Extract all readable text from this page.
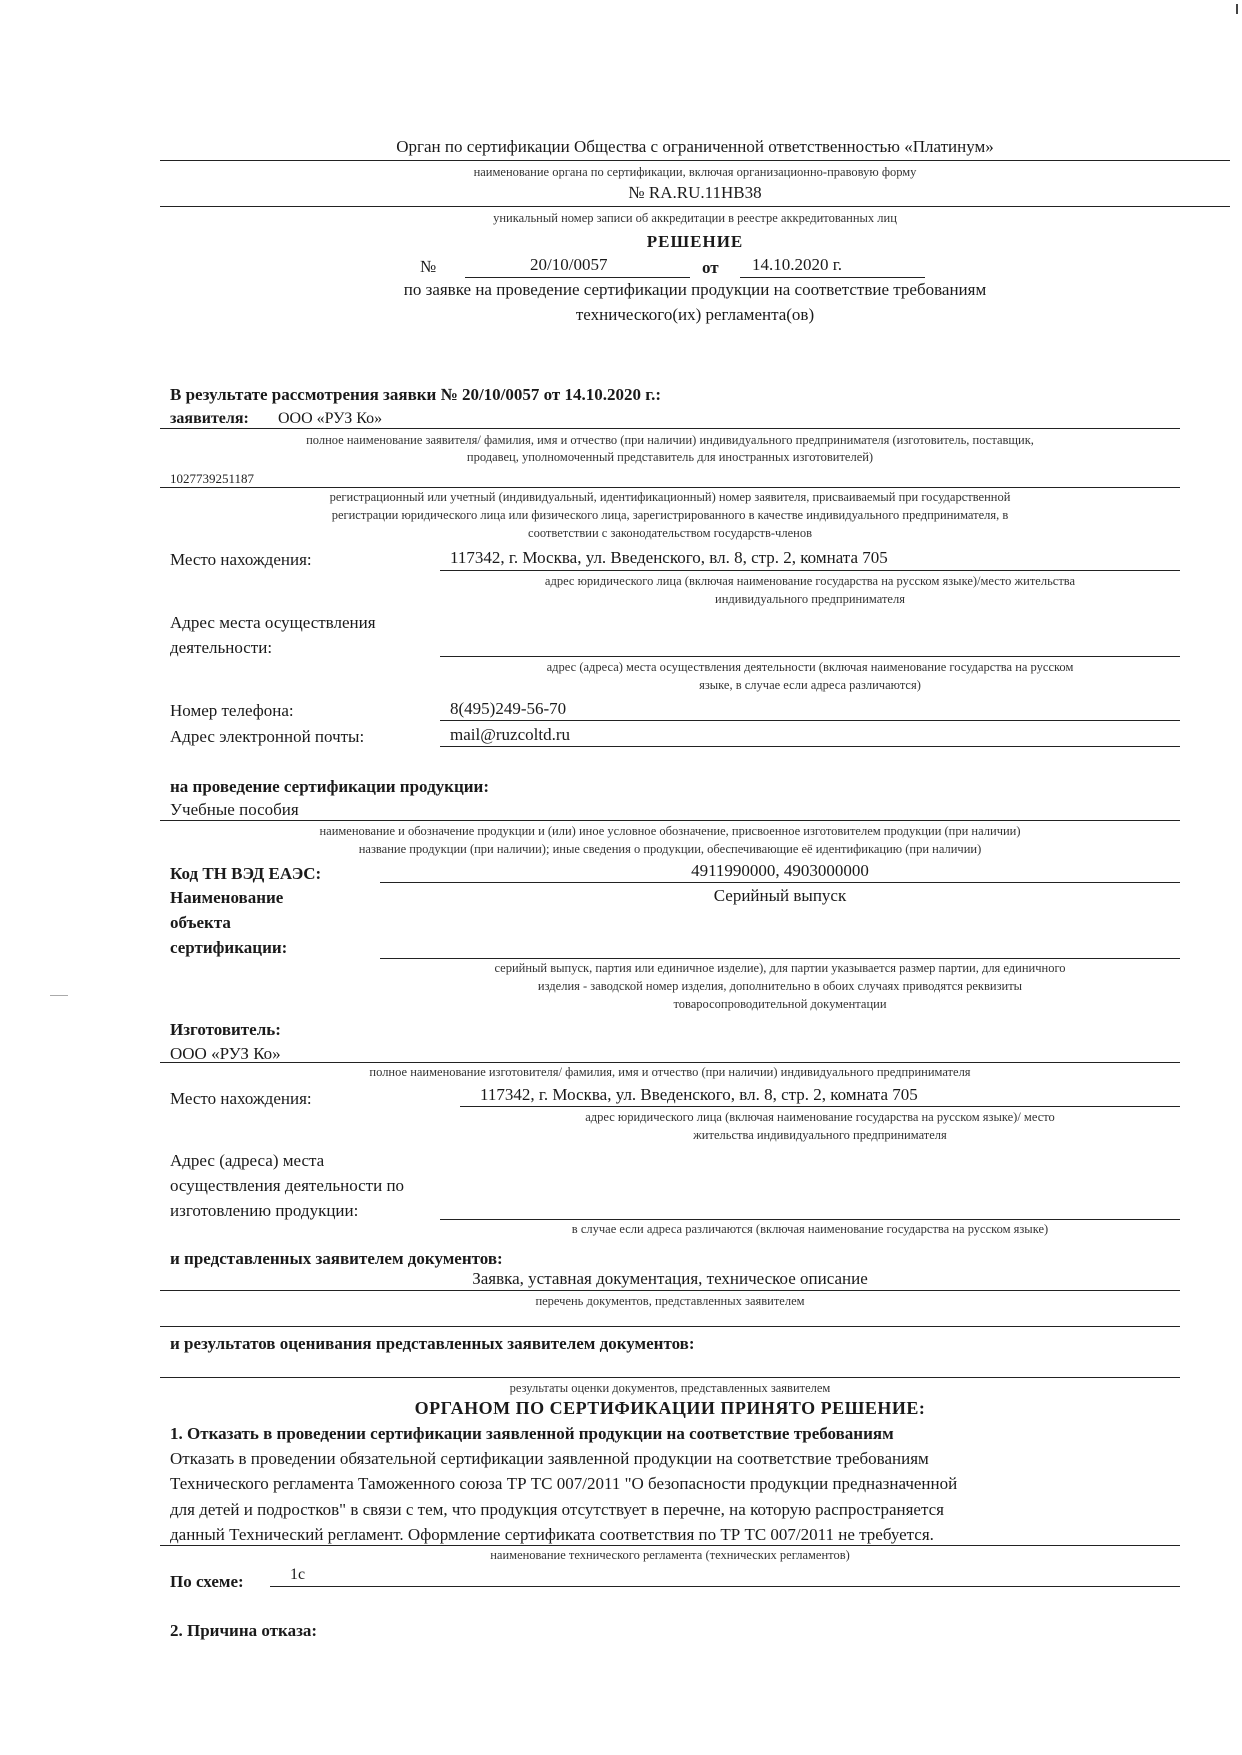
Орган по сертификации Общества с ограниченной ответственностью «Платинум»
наименование органа по сертификации, включая организационно-правовую форму
№ RA.RU.11НВ38
уникальный номер записи об аккредитации в реестре аккредитованных лиц
РЕШЕНИЕ
№	20/10/0057	от 14.10.2020 г.
по заявке на проведение сертификации продукции на соответствие требованиям
технического(их) регламента(ов)
В результате рассмотрения заявки № 20/10/0057 от 14.10.2020 г.:
заявителя: ООО «РУЗ Ко»
полное наименование заявителя/ фамилия, имя и отчество (при наличии) индивидуального предпринимателя (изготовитель, поставщик,
продавец, уполномоченный представитель для иностранных изготовителей)
1027739251187
регистрационный или учетный (индивидуальный, идентификационный) номер заявителя, присваиваемый при государственной
регистрации юридического лица или физического лица, зарегистрированного в качестве индивидуального предпринимателя, в
соответствии с законодательством государств-членов
Место нахождения:	117342, г. Москва, ул. Введенского, вл. 8, стр. 2, комната 705
адрес юридического лица (включая наименование государства на русском языке)/место жительства
индивидуального предпринимателя
Адрес места осуществления
деятельности:
адрес (адреса) места осуществления деятельности (включая наименование государства на русском
языке, в случае если адреса различаются)
Номер телефона:	8(495)249-56-70
Адрес электронной почты:	mail@ruzcoltd.ru
на проведение сертификации продукции:
Учебные пособия
наименование и обозначение продукции и (или) иное условное обозначение, присвоенное изготовителем продукции (при наличии)
название продукции (при наличии); иные сведения о продукции, обеспечивающие её идентификацию (при наличии)
Код ТН ВЭД ЕАЭС:	4911990000, 4903000000
Наименование
объекта
сертификации:
Серийный выпуск
серийный выпуск, партия или единичное изделие), для партии указывается размер партии, для единичного
изделия - заводской номер изделия, дополнительно в обоих случаях приводятся реквизиты
товаросопроводительной документации
Изготовитель:
ООО «РУЗ Ко»
полное наименование изготовителя/ фамилия, имя и отчество (при наличии) индивидуального предпринимателя
Место нахождения:	117342, г. Москва, ул. Введенского, вл. 8, стр. 2, комната 705
адрес юридического лица (включая наименование государства на русском языке)/ место
жительства индивидуального предпринимателя
Адрес (адреса) места
осуществления деятельности по
изготовлению продукции:
в случае если адреса различаются (включая наименование государства на русском языке)
и представленных заявителем документов:
Заявка, уставная документация, техническое описание
перечень документов, представленных заявителем
и результатов оценивания представленных заявителем документов:
результаты оценки документов, представленных заявителем
ОРГАНОМ ПО СЕРТИФИКАЦИИ ПРИНЯТО РЕШЕНИЕ:
1. Отказать в проведении сертификации заявленной продукции на соответствие требованиям
Отказать в проведении обязательной сертификации заявленной продукции на соответствие требованиям
Технического регламента Таможенного союза ТР ТС 007/2011 "О безопасности продукции предназначенной
для детей и подростков" в связи с тем, что продукция отсутствует в перечне, на которую распространяется
данный Технический регламент. Оформление сертификата соответствия по ТР ТС 007/2011 не требуется.
наименование технического регламента (технических регламентов)
По схеме:	1с
2. Причина отказа:
